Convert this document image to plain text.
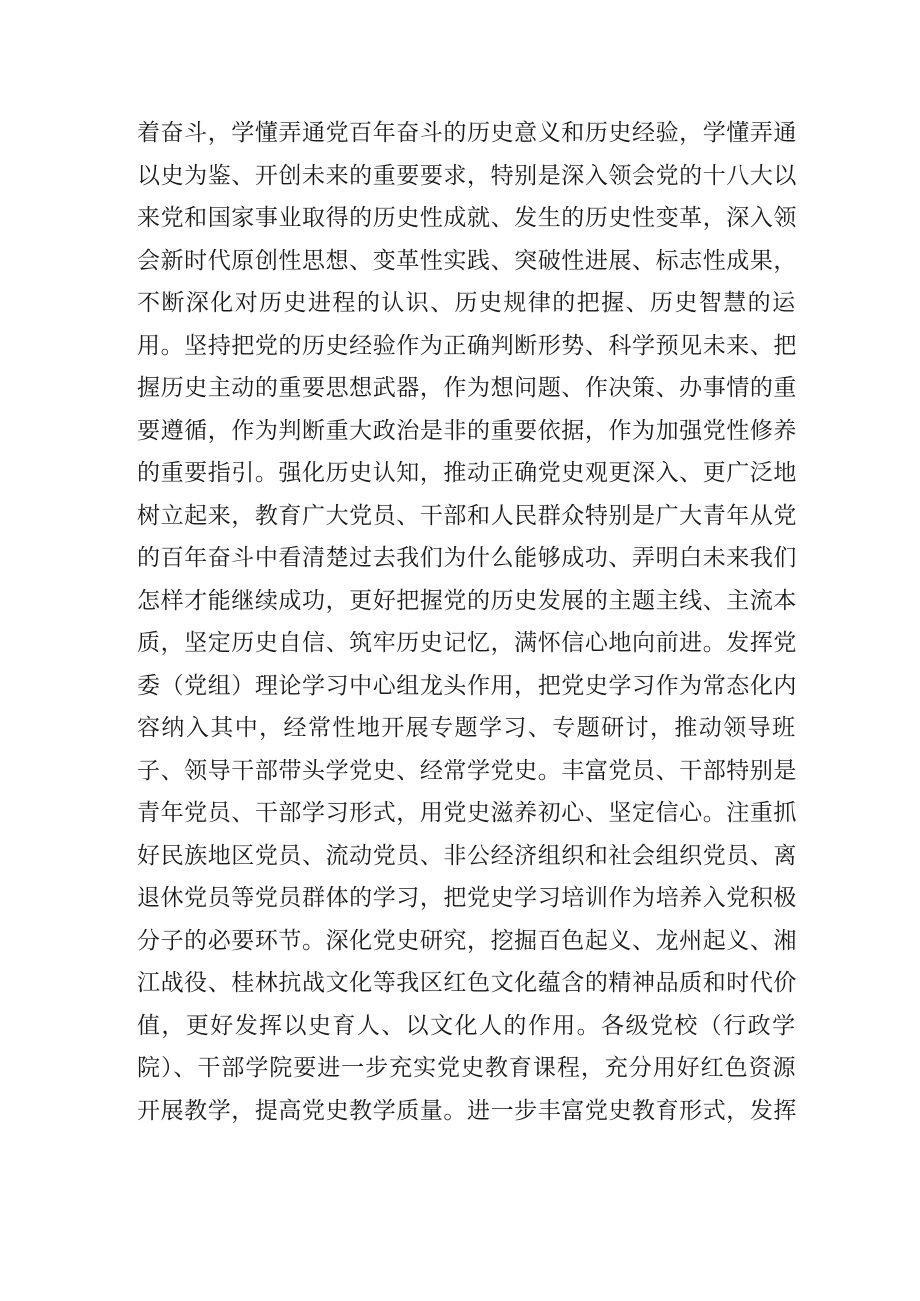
着奋斗，学懂弄通党百年奋斗的历史意义和历史经验，学懂弄通
以史为鉴、开创未来的重要要求，特别是深入领会党的十八大以
来党和国家事业取得的历史性成就、发生的历史性变革，深入领
会新时代原创性思想、变革性实践、突破性进展、标志性成果，
不断深化对历史进程的认识、历史规律的把握、历史智慧的运
用。坚持把党的历史经验作为正确判断形势、科学预见未来、把
握历史主动的重要思想武器，作为想问题、作决策、办事情的重
要遵循，作为判断重大政治是非的重要依据，作为加强党性修养
的重要指引。强化历史认知，推动正确党史观更深入、更广泛地
树立起来，教育广大党员、干部和人民群众特别是广大青年从党
的百年奋斗中看清楚过去我们为什么能够成功、弄明白未来我们
怎样才能继续成功，更好把握党的历史发展的主题主线、主流本
质，坚定历史自信、筑牢历史记忆，满怀信心地向前进。发挥党
委（党组）理论学习中心组龙头作用，把党史学习作为常态化内
容纳入其中，经常性地开展专题学习、专题研讨，推动领导班
子、领导干部带头学党史、经常学党史。丰富党员、干部特别是
青年党员、干部学习形式，用党史滋养初心、坚定信心。注重抓
好民族地区党员、流动党员、非公经济组织和社会组织党员、离
退休党员等党员群体的学习，把党史学习培训作为培养入党积极
分子的必要环节。深化党史研究，挖掘百色起义、龙州起义、湘
江战役、桂林抗战文化等我区红色文化蕴含的精神品质和时代价
值，更好发挥以史育人、以文化人的作用。各级党校（行政学
院）、干部学院要进一步充实党史教育课程，充分用好红色资源
开展教学，提高党史教学质量。进一步丰富党史教育形式，发挥
